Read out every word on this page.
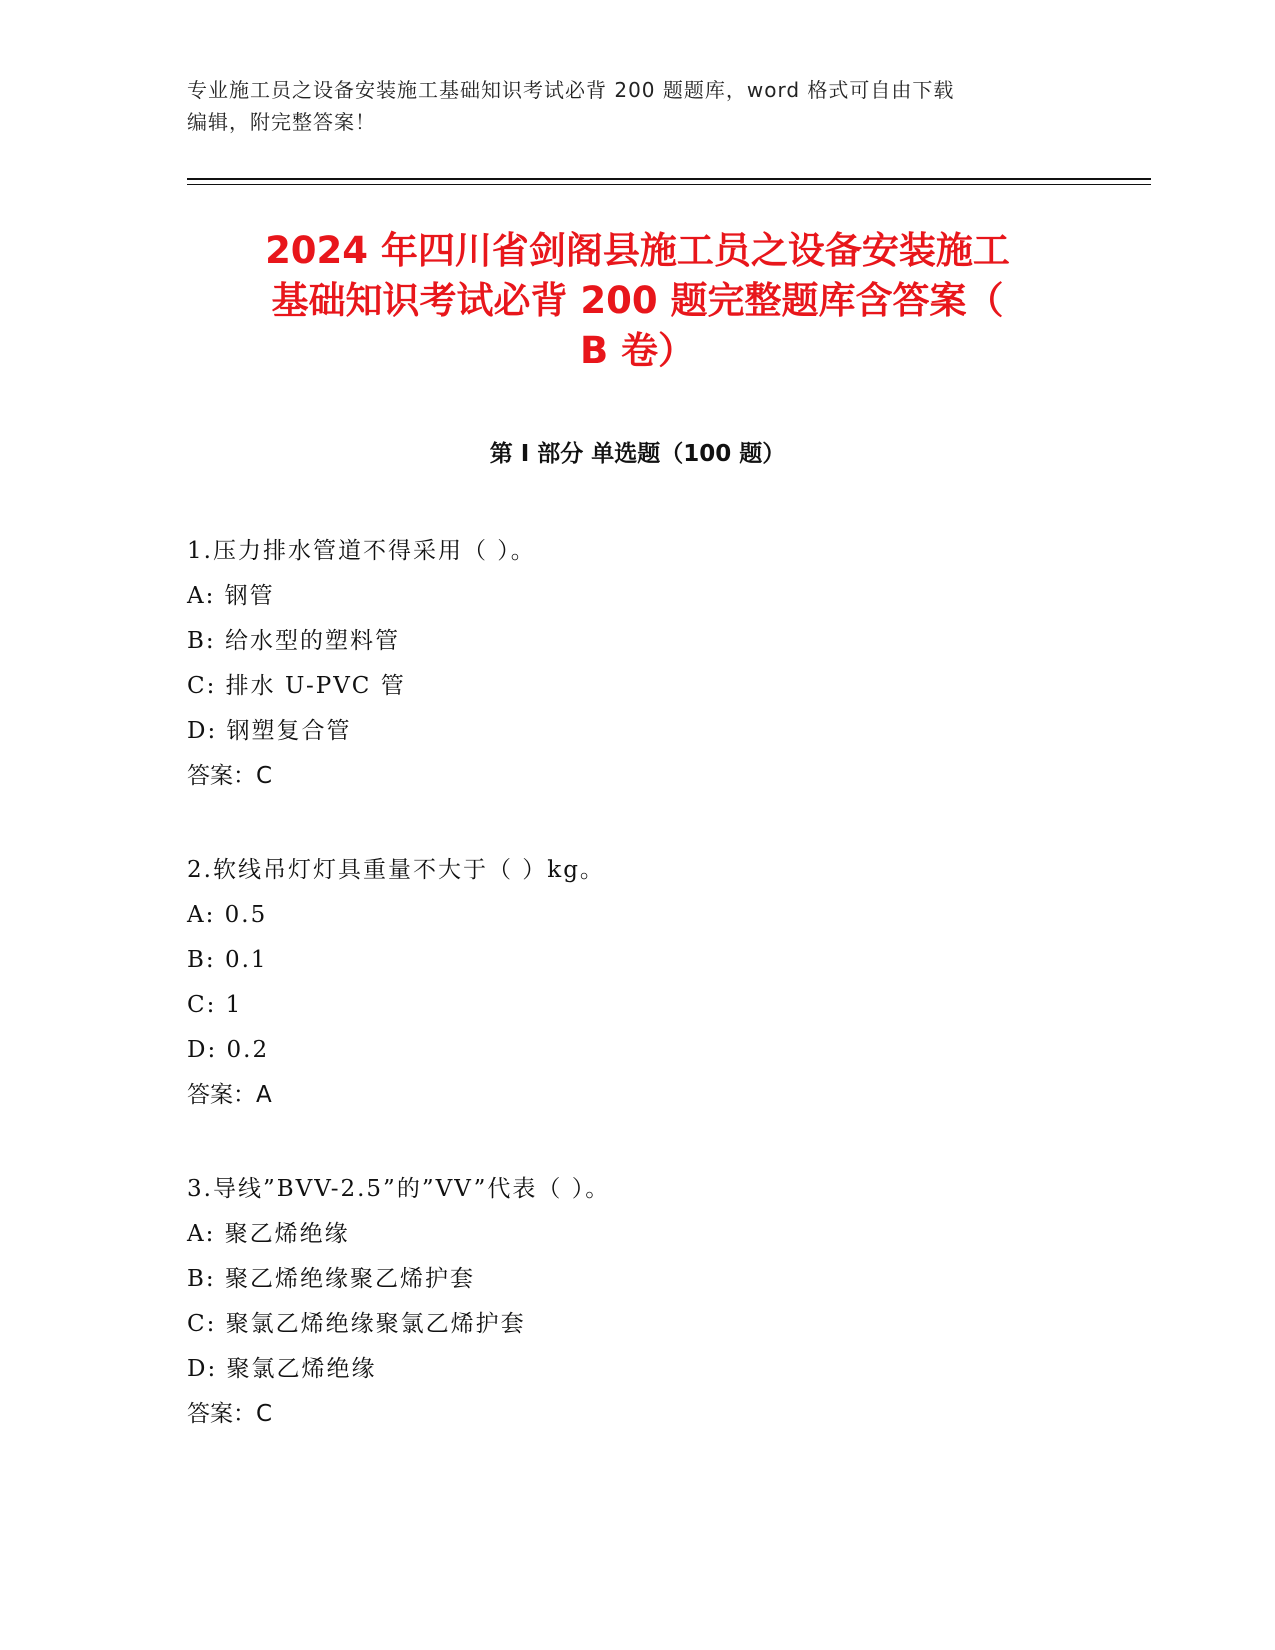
专业施工员之设备安装施工基础知识考试必背 200 题题库，word 格式可自由下载
编辑，附完整答案！
2024 年四川省剑阁县施工员之设备安装施工
基础知识考试必背 200 题完整题库含答案（
B 卷）
第 I 部分 单选题（100 题）
1.压力排水管道不得采用（ ）。
A: 钢管
B: 给水型的塑料管
C: 排水 U-PVC 管
D: 钢塑复合管
答案：C
2.软线吊灯灯具重量不大于（ ）kg。
A: 0.5
B: 0.1
C: 1
D: 0.2
答案：A
3.导线”BVV-2.5”的”VV”代表（ ）。
A: 聚乙烯绝缘
B: 聚乙烯绝缘聚乙烯护套
C: 聚氯乙烯绝缘聚氯乙烯护套
D: 聚氯乙烯绝缘
答案：C
